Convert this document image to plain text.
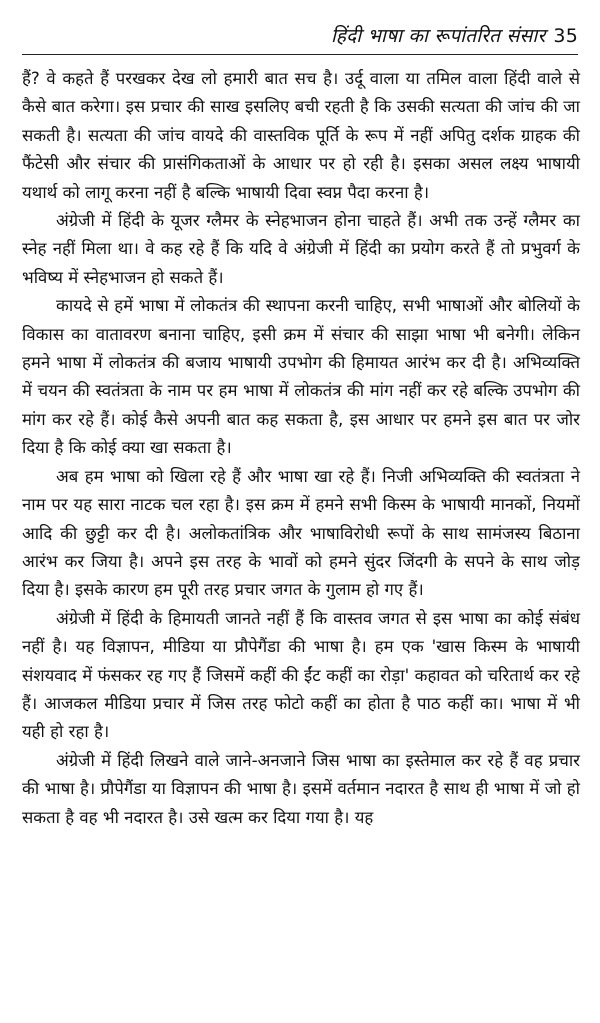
हिंदी भाषा का रूपांतरित संसार 35

हैं? वे कहते हैं परखकर देख लो हमारी बात सच है। उर्दू वाला या तमिल वाला हिंदी वाले से कैसे बात करेगा। इस प्रचार की साख इसलिए बची रहती है कि उसकी सत्यता की जांच की जा सकती है। सत्यता की जांच वायदे की वास्तविक पूर्ति के रूप में नहीं अपितु दर्शक ग्राहक की फैंटेसी और संचार की प्रासंगिकताओं के आधार पर हो रही है। इसका असल लक्ष्य भाषायी यथार्थ को लागू करना नहीं है बल्कि भाषायी दिवा स्वप्न पैदा करना है।

अंग्रेजी में हिंदी के यूजर ग्लैमर के स्नेहभाजन होना चाहते हैं। अभी तक उन्हें ग्लैमर का स्नेह नहीं मिला था। वे कह रहे हैं कि यदि वे अंग्रेजी में हिंदी का प्रयोग करते हैं तो प्रभुवर्ग के भविष्य में स्नेहभाजन हो सकते हैं।

कायदे से हमें भाषा में लोकतंत्र की स्थापना करनी चाहिए, सभी भाषाओं और बोलियों के विकास का वातावरण बनाना चाहिए, इसी क्रम में संचार की साझा भाषा भी बनेगी। लेकिन हमने भाषा में लोकतंत्र की बजाय भाषायी उपभोग की हिमायत आरंभ कर दी है। अभिव्यक्ति में चयन की स्वतंत्रता के नाम पर हम भाषा में लोकतंत्र की मांग नहीं कर रहे बल्कि उपभोग की मांग कर रहे हैं। कोई कैसे अपनी बात कह सकता है, इस आधार पर हमने इस बात पर जोर दिया है कि कोई क्या खा सकता है।

अब हम भाषा को खिला रहे हैं और भाषा खा रहे हैं। निजी अभिव्यक्ति की स्वतंत्रता ने नाम पर यह सारा नाटक चल रहा है। इस क्रम में हमने सभी किस्म के भाषायी मानकों, नियमों आदि की छुट्टी कर दी है। अलोकतांत्रिक और भाषाविरोधी रूपों के साथ सामंजस्य बिठाना आरंभ कर जिया है। अपने इस तरह के भावों को हमने सुंदर जिंदगी के सपने के साथ जोड़ दिया है। इसके कारण हम पूरी तरह प्रचार जगत के गुलाम हो गए हैं।

अंग्रेजी में हिंदी के हिमायती जानते नहीं हैं कि वास्तव जगत से इस भाषा का कोई संबंध नहीं है। यह विज्ञापन, मीडिया या प्रौपेगैंडा की भाषा है। हम एक 'खास किस्म के भाषायी संशयवाद में फंसकर रह गए हैं जिसमें कहीं की ईंट कहीं का रोड़ा' कहावत को चरितार्थ कर रहे हैं। आजकल मीडिया प्रचार में जिस तरह फोटो कहीं का होता है पाठ कहीं का। भाषा में भी यही हो रहा है।

अंग्रेजी में हिंदी लिखने वाले जाने-अनजाने जिस भाषा का इस्तेमाल कर रहे हैं वह प्रचार की भाषा है। प्रौपेगैंडा या विज्ञापन की भाषा है। इसमें वर्तमान नदारत है साथ ही भाषा में जो हो सकता है वह भी नदारत है। उसे खत्म कर दिया गया है। यह
